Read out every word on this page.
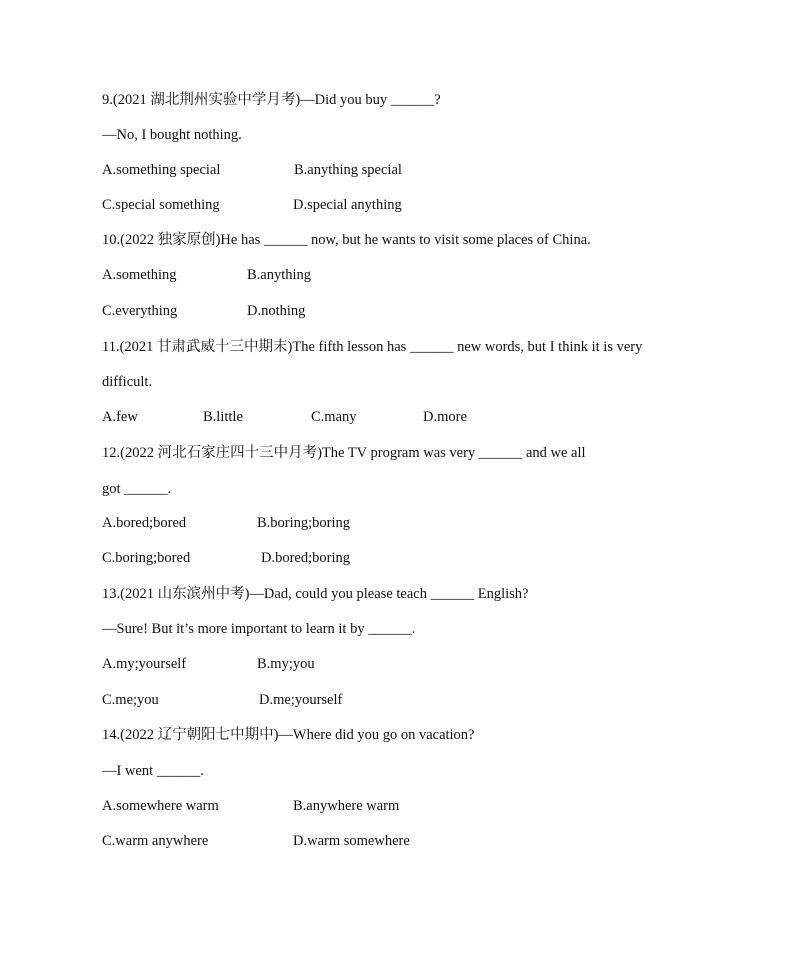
9.(2021 湖北荆州实验中学月考)—Did you buy ______?
—No, I bought nothing.
A.something special	B.anything special
C.special something	D.special anything
10.(2022 独家原创)He has ______ now, but he wants to visit some places of China.
A.something	B.anything
C.everything	D.nothing
11.(2021 甘肃武威十三中期末)The fifth lesson has ______ new words, but I think it is very
difficult.
A.few	B.little	C.many	D.more
12.(2022 河北石家庄四十三中月考)The TV program was very ______ and we all
got ______.
A.bored;bored	B.boring;boring
C.boring;bored	D.bored;boring
13.(2021 山东滨州中考)—Dad, could you please teach ______ English?
—Sure! But it’s more important to learn it by ______.
A.my;yourself	B.my;you
C.me;you	D.me;yourself
14.(2022 辽宁朝阳七中期中)—Where did you go on vacation?
—I went ______.
A.somewhere warm	B.anywhere warm
C.warm anywhere	D.warm somewhere
